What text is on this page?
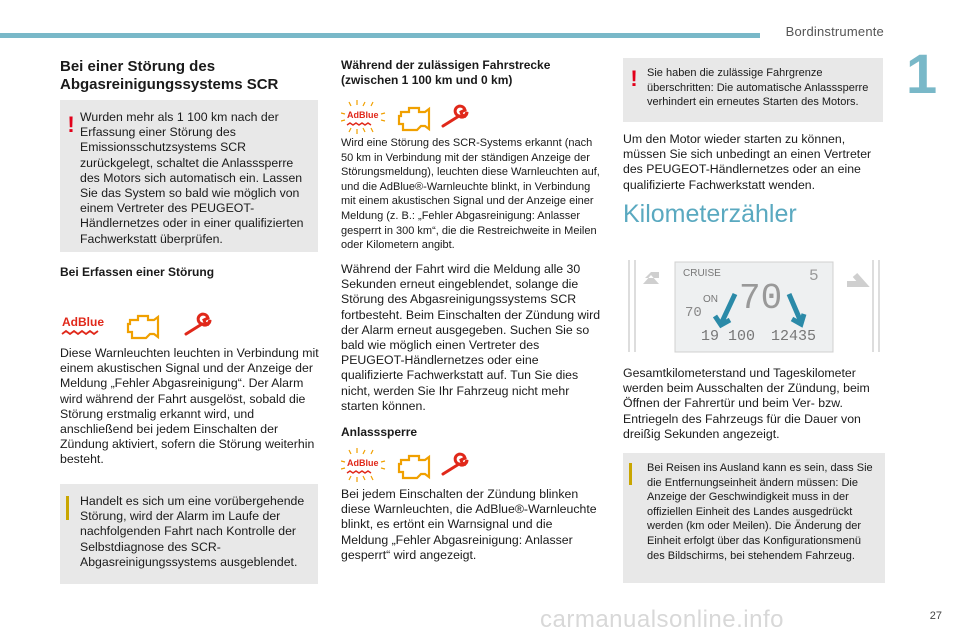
Bordinstrumente
1
Bei einer Störung des Abgasreinigungssystems SCR
! Wurden mehr als 1 100 km nach der Erfassung einer Störung des Emissionsschutzsystems SCR zurückgelegt, schaltet die Anlasssperre des Motors sich automatisch ein. Lassen Sie das System so bald wie möglich von einem Vertreter des PEUGEOT-Händlernetzes oder in einer qualifizierten Fachwerkstatt überprüfen.

Bei Erfassen einer Störung
AdBlue

Diese Warnleuchten leuchten in Verbindung mit einem akustischen Signal und der Anzeige der Meldung „Fehler Abgasreinigung“. Der Alarm wird während der Fahrt ausgelöst, sobald die Störung erstmalig erkannt wird, und anschließend bei jedem Einschalten der Zündung aktiviert, sofern die Störung weiterhin besteht.

Handelt es sich um eine vorübergehende Störung, wird der Alarm im Laufe der nachfolgenden Fahrt nach Kontrolle der Selbstdiagnose des SCR-Abgasreinigungssystems ausgeblendet.

Während der zulässigen Fahrstrecke (zwischen 1 100 km und 0 km)
AdBlue

Wird eine Störung des SCR-Systems erkannt (nach 50 km in Verbindung mit der ständigen Anzeige der Störungsmeldung), leuchten diese Warnleuchten auf, und die AdBlue®-Warnleuchte blinkt, in Verbindung mit einem akustischen Signal und der Anzeige einer Meldung (z. B.: „Fehler Abgasreinigung: Anlasser gesperrt in 300 km“, die die Restreichweite in Meilen oder Kilometern angibt.

Während der Fahrt wird die Meldung alle 30 Sekunden erneut eingeblendet, solange die Störung des Abgasreinigungssystems SCR fortbesteht. Beim Einschalten der Zündung wird der Alarm erneut ausgegeben. Suchen Sie so bald wie möglich einen Vertreter des PEUGEOT-Händlernetzes oder eine qualifizierte Fachwerkstatt auf. Tun Sie dies nicht, werden Sie Ihr Fahrzeug nicht mehr starten können.

Anlasssperre
AdBlue

Bei jedem Einschalten der Zündung blinken diese Warnleuchten, die AdBlue®-Warnleuchte blinkt, es ertönt ein Warnsignal und die Meldung „Fehler Abgasreinigung: Anlasser gesperrt“ wird angezeigt.

! Sie haben die zulässige Fahrgrenze überschritten: Die automatische Anlasssperre verhindert ein erneutes Starten des Motors.

Um den Motor wieder starten zu können, müssen Sie sich unbedingt an einen Vertreter des PEUGEOT-Händlernetzes oder an eine qualifizierte Fachwerkstatt wenden.

Kilometerzähler
CRUISE
ON
70 70
5
19 100 12435

Gesamtkilometerstand und Tageskilometer werden beim Ausschalten der Zündung, beim Öffnen der Fahrertür und beim Ver- bzw. Entriegeln des Fahrzeugs für die Dauer von dreißig Sekunden angezeigt.

Bei Reisen ins Ausland kann es sein, dass Sie die Entfernungseinheit ändern müssen: Die Anzeige der Geschwindigkeit muss in der offiziellen Einheit des Landes ausgedrückt werden (km oder Meilen). Die Änderung der Einheit erfolgt über das Konfigurationsmenü des Bildschirms, bei stehendem Fahrzeug.

carmanualsonline.info	27
